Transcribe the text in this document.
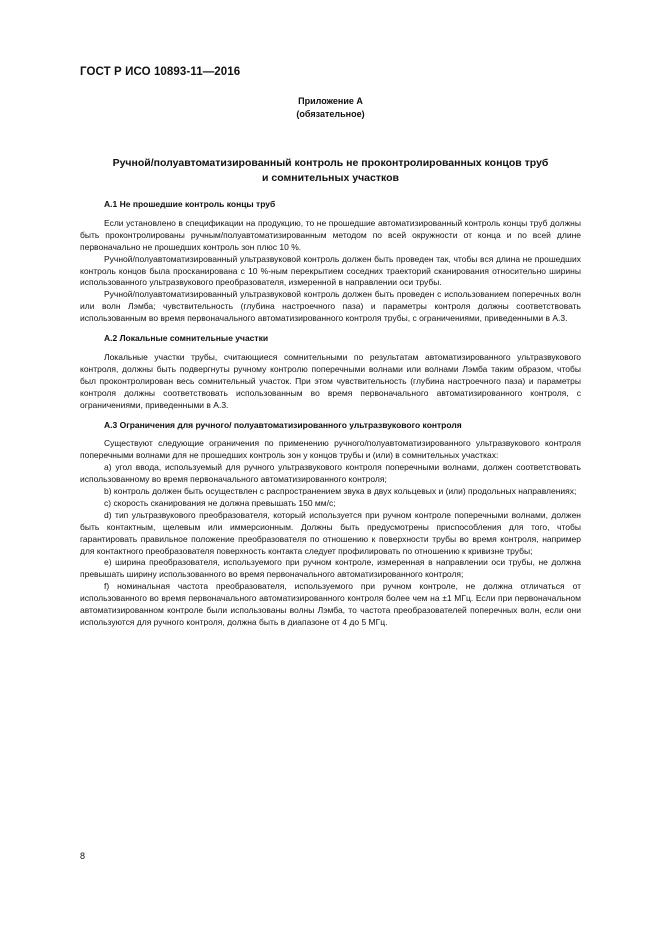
ГОСТ Р ИСО 10893-11—2016
Приложение А
(обязательное)
Ручной/полуавтоматизированный контроль не проконтролированных концов труб
и сомнительных участков
А.1 Не прошедшие контроль концы труб

Если установлено в спецификации на продукцию, то не прошедшие автоматизированный контроль концы труб должны быть проконтролированы ручным/полуавтоматизированным методом по всей окружности от конца и по всей длине первоначально не прошедших контроль зон плюс 10 %.

Ручной/полуавтоматизированный ультразвуковой контроль должен быть проведен так, чтобы вся длина не прошедших контроль концов была просканирована с 10 %-ным перекрытием соседних траекторий сканирования относительно ширины использованного ультразвукового преобразователя, измеренной в направлении оси трубы.

Ручной/полуавтоматизированный ультразвуковой контроль должен быть проведен с использованием поперечных волн или волн Лэмба; чувствительность (глубина настроечного паза) и параметры контроля должны соответствовать использованным во время первоначального автоматизированного контроля трубы, с ограничениями, приведенными в А.3.

А.2 Локальные сомнительные участки

Локальные участки трубы, считающиеся сомнительными по результатам автоматизированного ультразвукового контроля, должны быть подвергнуты ручному контролю поперечными волнами или волнами Лэмба таким образом, чтобы был проконтролирован весь сомнительный участок. При этом чувствительность (глубина настроечного паза) и параметры контроля должны соответствовать использованным во время первоначального автоматизированного контроля, с ограничениями, приведенными в А.3.

А.3 Ограничения для ручного/ полуавтоматизированного ультразвукового контроля

Существуют следующие ограничения по применению ручного/полуавтоматизированного ультразвукового контроля поперечными волнами для не прошедших контроль зон у концов трубы и (или) в сомнительных участках:

а) угол ввода, используемый для ручного ультразвукового контроля поперечными волнами, должен соответствовать использованному во время первоначального автоматизированного контроля;

b) контроль должен быть осуществлен с распространением звука в двух кольцевых и (или) продольных направлениях;

с) скорость сканирования не должна превышать 150 мм/с;

d) тип ультразвукового преобразователя, который используется при ручном контроле поперечными волнами, должен быть контактным, щелевым или иммерсионным. Должны быть предусмотрены приспособления для того, чтобы гарантировать правильное положение преобразователя по отношению к поверхности трубы во время контроля, например для контактного преобразователя поверхность контакта следует профилировать по отношению к кривизне трубы;

е) ширина преобразователя, используемого при ручном контроле, измеренная в направлении оси трубы, не должна превышать ширину использованного во время первоначального автоматизированного контроля;

f) номинальная частота преобразователя, используемого при ручном контроле, не должна отличаться от использованного во время первоначального автоматизированного контроля более чем на ±1 МГц. Если при первоначальном автоматизированном контроле были использованы волны Лэмба, то частота преобразователей поперечных волн, если они используются для ручного контроля, должна быть в диапазоне от 4 до 5 МГц.

8
